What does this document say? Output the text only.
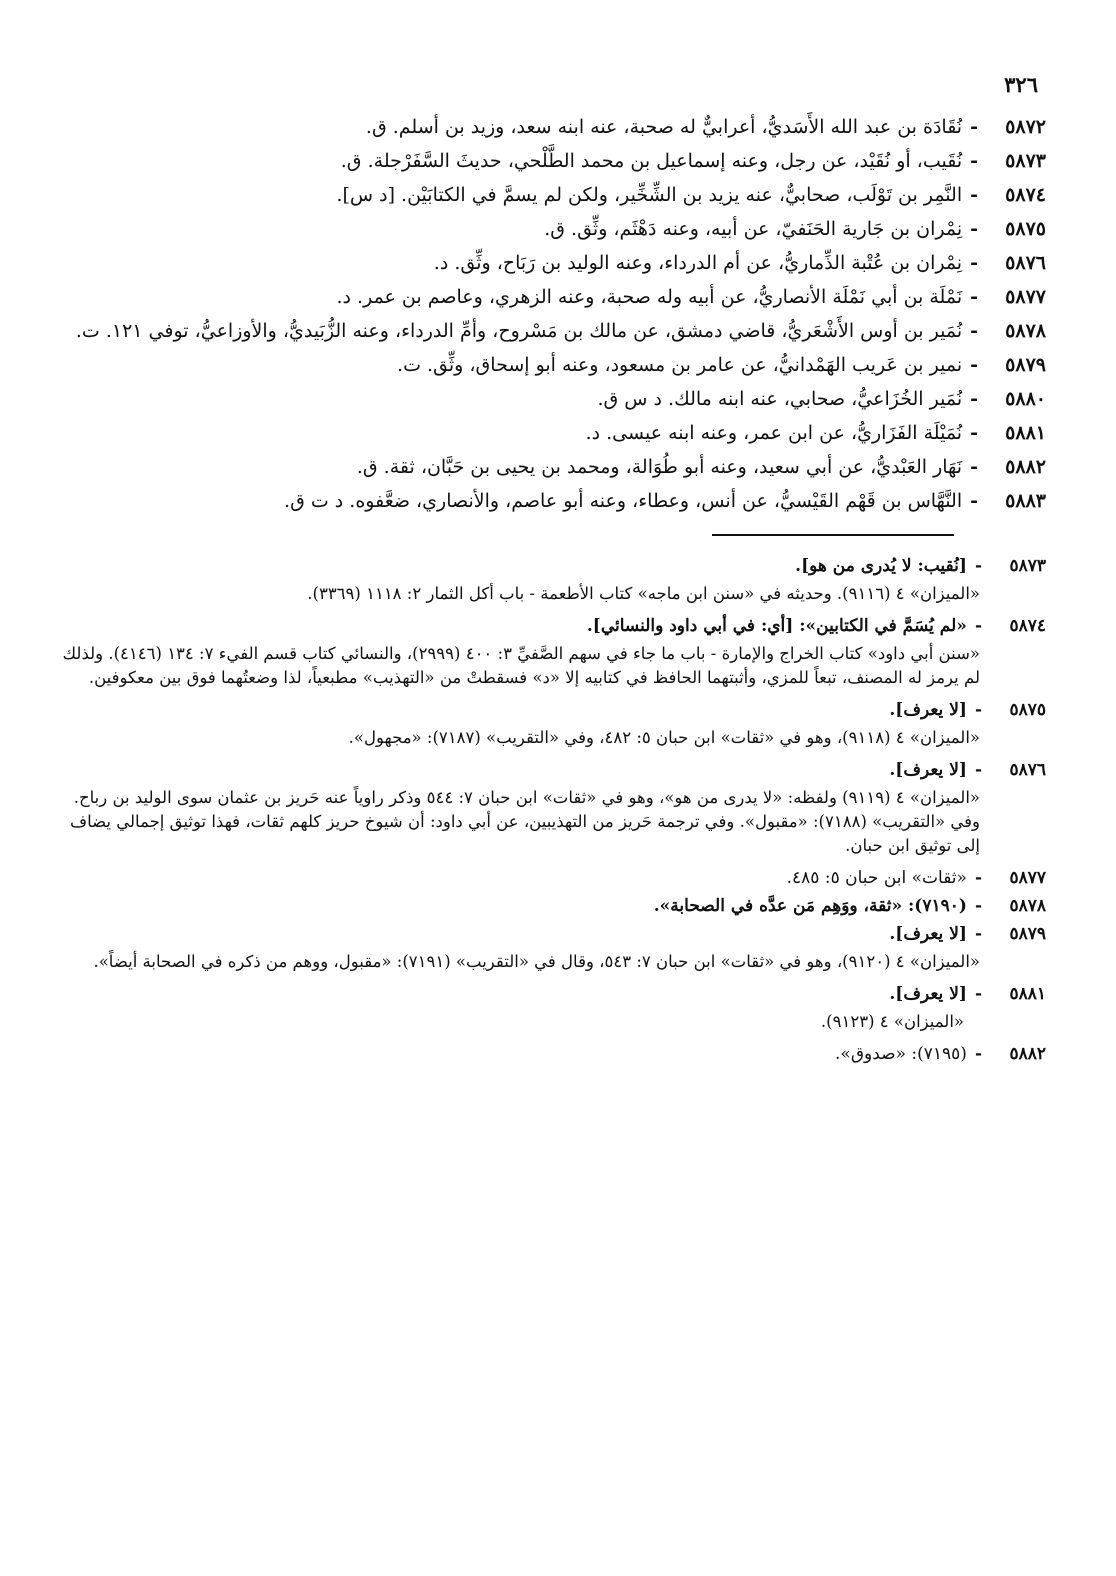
٣٢٦
٥٨٧٢-نُقَادَة بن عبد الله الأَسَديُّ، أعرابيٌّ له صحبة، عنه ابنه سعد، وزيد بن أسلم. ق.
٥٨٧٣-نُقَيب، أو نُقَيْد، عن رجل، وعنه إسماعيل بن محمد الطَّلْحي، حديثَ السَّفَرْجلة. ق.
٥٨٧٤-النَّمِر بن تَوْلَب، صحابيٌّ، عنه يزيد بن الشِّخِّير، ولكن لم يسمَّ في الكتابَيْن. [د س].
٥٨٧٥-نِمْران بن جَارية الحَنَفيّ، عن أبيه، وعنه دَهْثَم، وثِّق. ق.
٥٨٧٦-نِمْران بن عُتْبة الذِّماريُّ، عن أم الدرداء، وعنه الوليد بن رَبَاح، وثِّق. د.
٥٨٧٧-نَمْلَة بن أبي نَمْلَة الأنصاريُّ، عن أبيه وله صحبة، وعنه الزهري، وعاصم بن عمر. د.
٥٨٧٨-نُمَير بن أوس الأَشْعَريُّ، قاضي دمشق، عن مالك بن مَسْروح، وأمِّ الدرداء، وعنه الزُّبَيديُّ، والأوزاعيُّ، توفي ١٢١. ت.
٥٨٧٩-نمير بن عَريب الهَمْدانيُّ، عن عامر بن مسعود، وعنه أبو إسحاق، وثِّق. ت.
٥٨٨٠-نُمَير الخُزَاعيُّ، صحابي، عنه ابنه مالك. د س ق.
٥٨٨١-نُمَيْلَة الفَزَاريُّ، عن ابن عمر، وعنه ابنه عيسى. د.
٥٨٨٢-نَهَار العَبْديُّ، عن أبي سعيد، وعنه أبو طُوَالة، ومحمد بن يحيى بن حَبَّان، ثقة. ق.
٥٨٨٣-النَّهَّاس بن قَهْم القَيْسيُّ، عن أنس، وعطاء، وعنه أبو عاصم، والأنصاري، ضعَّفوه. د ت ق.
٥٨٧٣-[نُقيب: لا يُدرى من هو].
«الميزان» ٤ (٩١١٦). وحديثه في «سنن ابن ماجه» كتاب الأطعمة - باب أكل الثمار ٢: ١١١٨ (٣٣٦٩).
٥٨٧٤-«لم يُسَمَّ في الكتابين»: [أي: في أبي داود والنسائي].
«سنن أبي داود» كتاب الخراج والإمارة - باب ما جاء في سهم الصَّفيِّ ٣: ٤٠٠ (٢٩٩٩)، والنسائي كتاب قسم الفيء ٧: ١٣٤ (٤١٤٦). ولذلك لم يرمز له المصنف، تبعاً للمزي، وأثبتهما الحافظ في كتابيه إلا «د» فسقطتْ من «التهذيب» مطبعياً، لذا وضعتُهما فوق بين معكوفين.
٥٨٧٥-[لا يعرف].
«الميزان» ٤ (٩١١٨)، وهو في «ثقات» ابن حبان ٥: ٤٨٢، وفي «التقريب» (٧١٨٧): «مجهول».
٥٨٧٦-[لا يعرف].
«الميزان» ٤ (٩١١٩) ولفظه: «لا يدرى من هو»، وهو في «ثقات» ابن حبان ٧: ٥٤٤ وذكر راوياً عنه حَريز بن عثمان سوى الوليد بن رباح. وفي «التقريب» (٧١٨٨): «مقبول». وفي ترجمة حَريز من التهذيبين، عن أبي داود: أن شيوخ حريز كلهم ثقات، فهذا توثيق إجمالي يضاف إلى توثيق ابن حبان.
٥٨٧٧-«ثقات» ابن حبان ٥: ٤٨٥.
٥٨٧٨-(٧١٩٠): «ثقة، ووَهِم مَن عدَّه في الصحابة».
٥٨٧٩-[لا يعرف].
«الميزان» ٤ (٩١٢٠)، وهو في «ثقات» ابن حبان ٧: ٥٤٣، وقال في «التقريب» (٧١٩١): «مقبول، ووهم من ذكره في الصحابة أيضاً».
٥٨٨١-[لا يعرف].
«الميزان» ٤ (٩١٢٣).
٥٨٨٢-(٧١٩٥): «صدوق».
